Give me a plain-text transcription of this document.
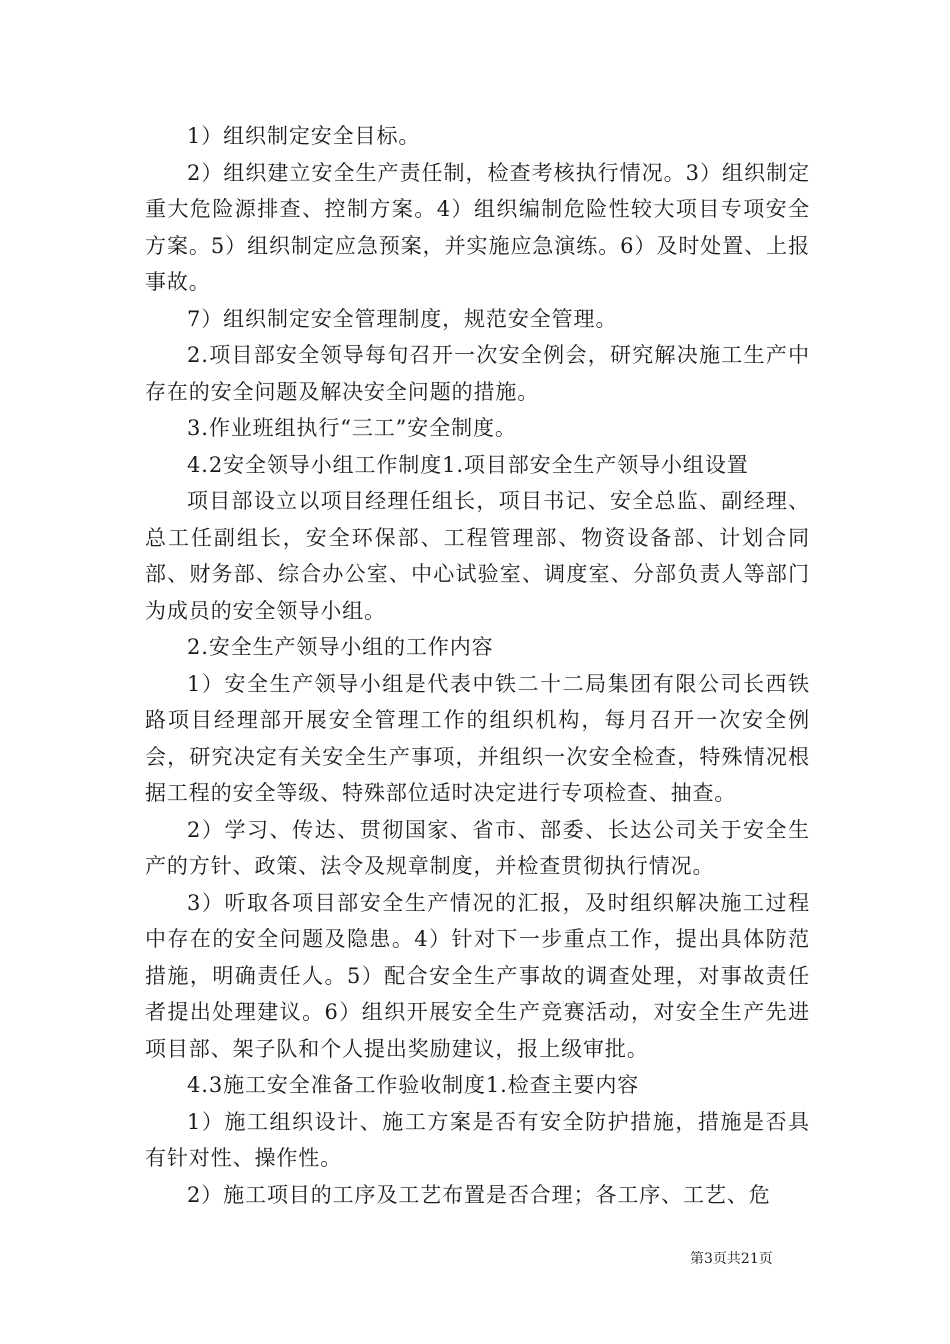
1）组织制定安全目标。

2）组织建立安全生产责任制，检查考核执行情况。3）组织制定重大危险源排查、控制方案。4）组织编制危险性较大项目专项安全方案。5）组织制定应急预案，并实施应急演练。6）及时处置、上报事故。

7）组织制定安全管理制度，规范安全管理。

2.项目部安全领导每旬召开一次安全例会，研究解决施工生产中存在的安全问题及解决安全问题的措施。

3.作业班组执行“三工”安全制度。

4.2安全领导小组工作制度1.项目部安全生产领导小组设置

项目部设立以项目经理任组长，项目书记、安全总监、副经理、总工任副组长，安全环保部、工程管理部、物资设备部、计划合同部、财务部、综合办公室、中心试验室、调度室、分部负责人等部门为成员的安全领导小组。

2.安全生产领导小组的工作内容

1）安全生产领导小组是代表中铁二十二局集团有限公司长西铁路项目经理部开展安全管理工作的组织机构，每月召开一次安全例会，研究决定有关安全生产事项，并组织一次安全检查，特殊情况根据工程的安全等级、特殊部位适时决定进行专项检查、抽查。

2）学习、传达、贯彻国家、省市、部委、长达公司关于安全生产的方针、政策、法令及规章制度，并检查贯彻执行情况。

3）听取各项目部安全生产情况的汇报，及时组织解决施工过程中存在的安全问题及隐患。4）针对下一步重点工作，提出具体防范措施，明确责任人。5）配合安全生产事故的调查处理，对事故责任者提出处理建议。6）组织开展安全生产竞赛活动，对安全生产先进项目部、架子队和个人提出奖励建议，报上级审批。

4.3施工安全准备工作验收制度1.检查主要内容

1）施工组织设计、施工方案是否有安全防护措施，措施是否具有针对性、操作性。

2）施工项目的工序及工艺布置是否合理；各工序、工艺、危

第3页共21页
